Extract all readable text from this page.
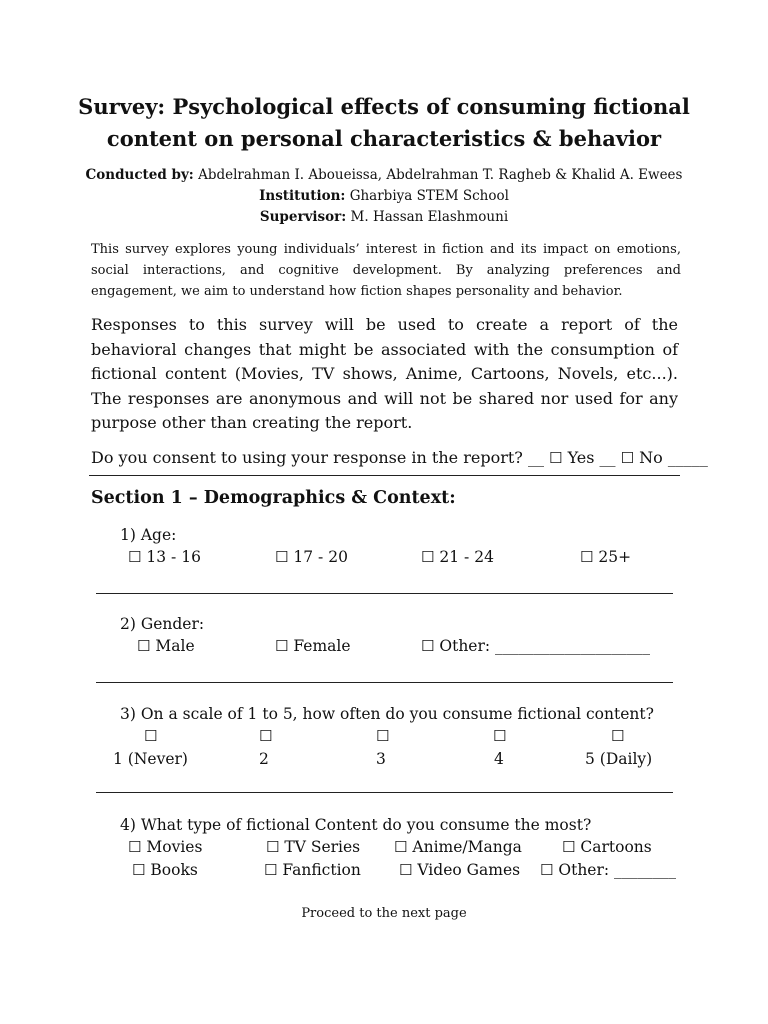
Survey: Psychological effects of consuming fictional
content on personal characteristics & behavior
Conducted by: Abdelrahman I. Aboueissa, Abdelrahman T. Ragheb & Khalid A. Ewees
Institution: Gharbiya STEM School
Supervisor: M. Hassan Elashmouni
This survey explores young individuals’ interest in fiction and its impact on emotions, social interactions, and cognitive development. By analyzing preferences and engagement, we aim to understand how fiction shapes personality and behavior.
Responses to this survey will be used to create a report of the behavioral changes that might be associated with the consumption of fictional content (Movies, TV shows, Anime, Cartoons, Novels, etc...). The responses are anonymous and will not be shared nor used for any purpose other than creating the report.
Do you consent to using your response in the report? __ ☐ Yes __ ☐ No _____
Section 1 – Demographics & Context:
1) Age:
☐ 13 - 16	☐ 17 - 20	☐ 21 - 24	☐ 25+
2) Gender:
☐ Male	☐ Female	☐ Other: ____________________
3) On a scale of 1 to 5, how often do you consume fictional content?
☐	☐	☐	☐	☐
1 (Never)	2	3	4	5 (Daily)
4) What type of fictional Content do you consume the most?
☐ Movies	☐ TV Series ☐ Anime/Manga	☐ Cartoons
☐ Books	☐ Fanfiction	☐ Video Games ☐ Other: ________
Proceed to the next page
